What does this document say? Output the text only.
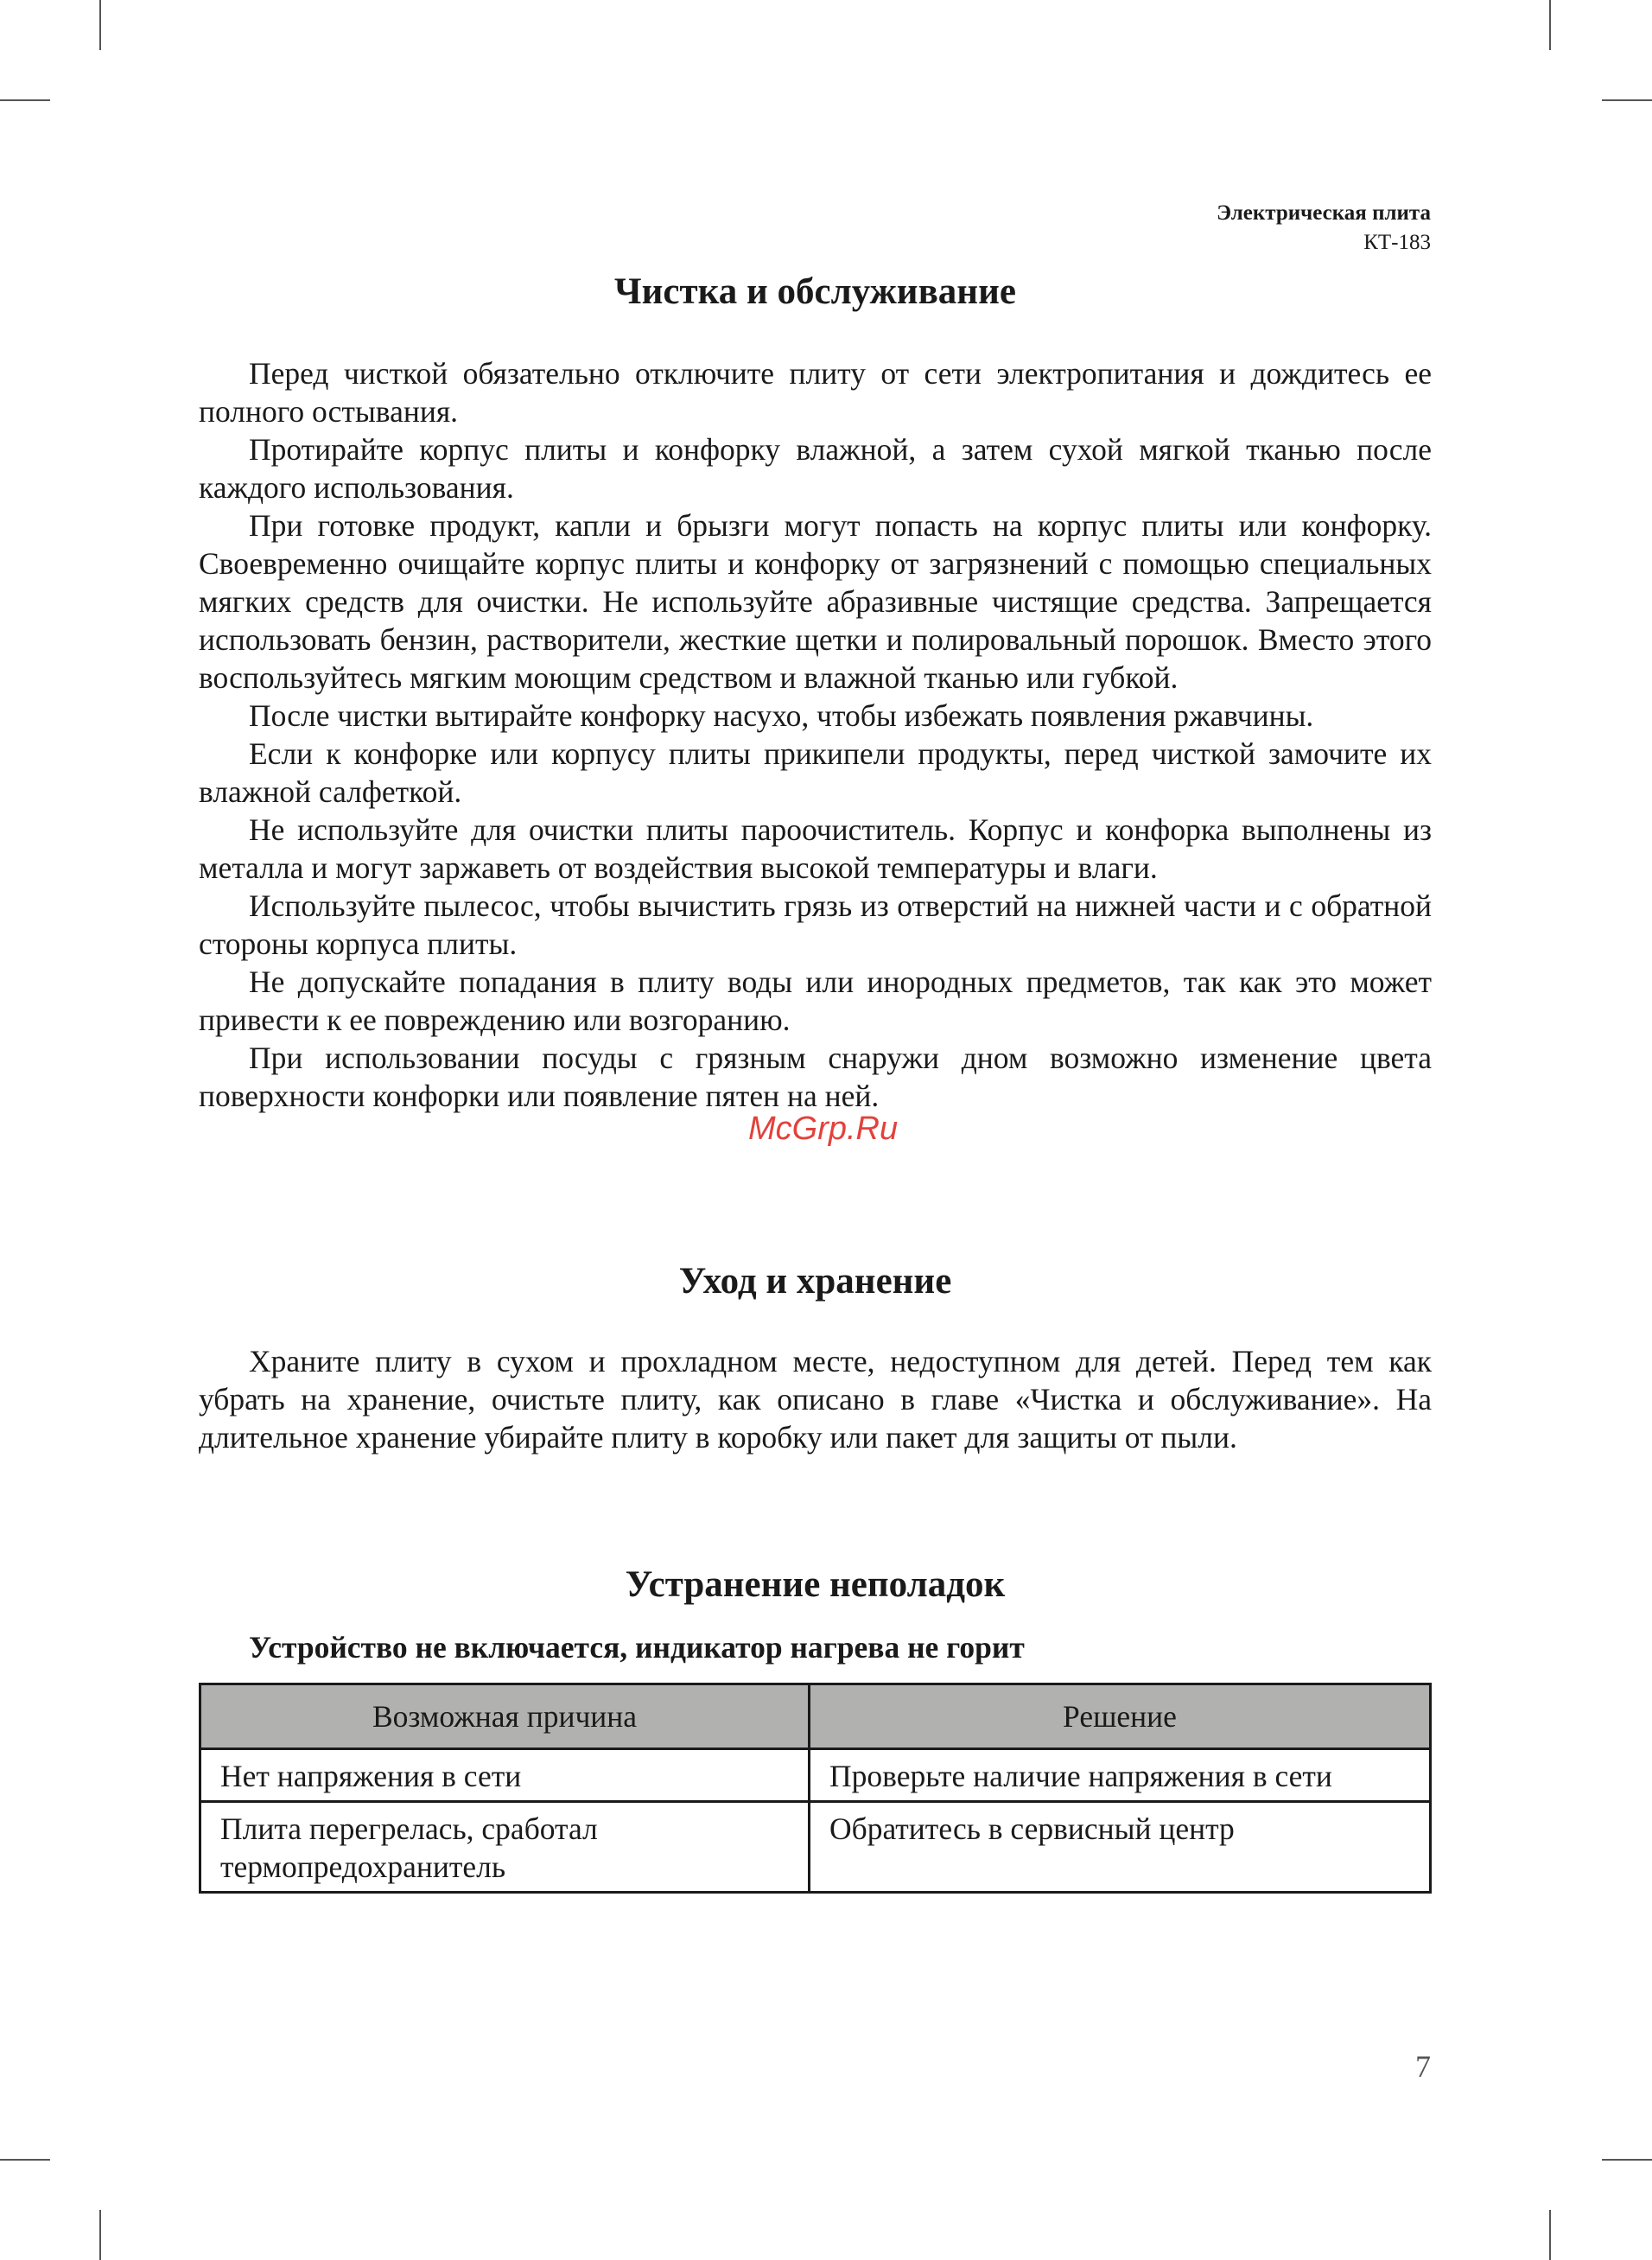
Электрическая плита
КТ-183
Чистка и обслуживание

Перед чисткой обязательно отключите плиту от сети электропитания и дождитесь ее полного остывания.

Протирайте корпус плиты и конфорку влажной, а затем сухой мягкой тканью после каждого использования.

При готовке продукт, капли и брызги могут попасть на корпус плиты или конфорку. Своевременно очищайте корпус плиты и конфорку от загрязнений с помощью специальных мягких средств для очистки. Не используйте абразивные чистящие средства. Запрещается использовать бензин, растворители, жесткие щетки и полировальный порошок. Вместо этого воспользуйтесь мягким моющим средством и влажной тканью или губкой.

После чистки вытирайте конфорку насухо, чтобы избежать появления ржавчины.

Если к конфорке или корпусу плиты прикипели продукты, перед чисткой замочите их влажной салфеткой.

Не используйте для очистки плиты пароочиститель. Корпус и конфорка выполнены из металла и могут заржаветь от воздействия высокой температуры и влаги.

Используйте пылесос, чтобы вычистить грязь из отверстий на нижней части и с обратной стороны корпуса плиты.

Не допускайте попадания в плиту воды или инородных предметов, так как это может привести к ее повреждению или возгоранию.

При использовании посуды с грязным снаружи дном возможно изменение цвета поверхности конфорки или появление пятен на ней.

McGrp.Ru
Уход и хранение

Храните плиту в сухом и прохладном месте, недоступном для детей. Перед тем как убрать на хранение, очистьте плиту, как описано в главе «Чистка и обслуживание». На длительное хранение убирайте плиту в коробку или пакет для защиты от пыли.

Устранение неполадок
Устройство не включается, индикатор нагрева не горит
Возможная причина	Решение
Нет напряжения в сети	Проверьте наличие напряжения в сети
Плита перегрелась, сработал термопредохранитель	Обратитесь в сервисный центр
7
